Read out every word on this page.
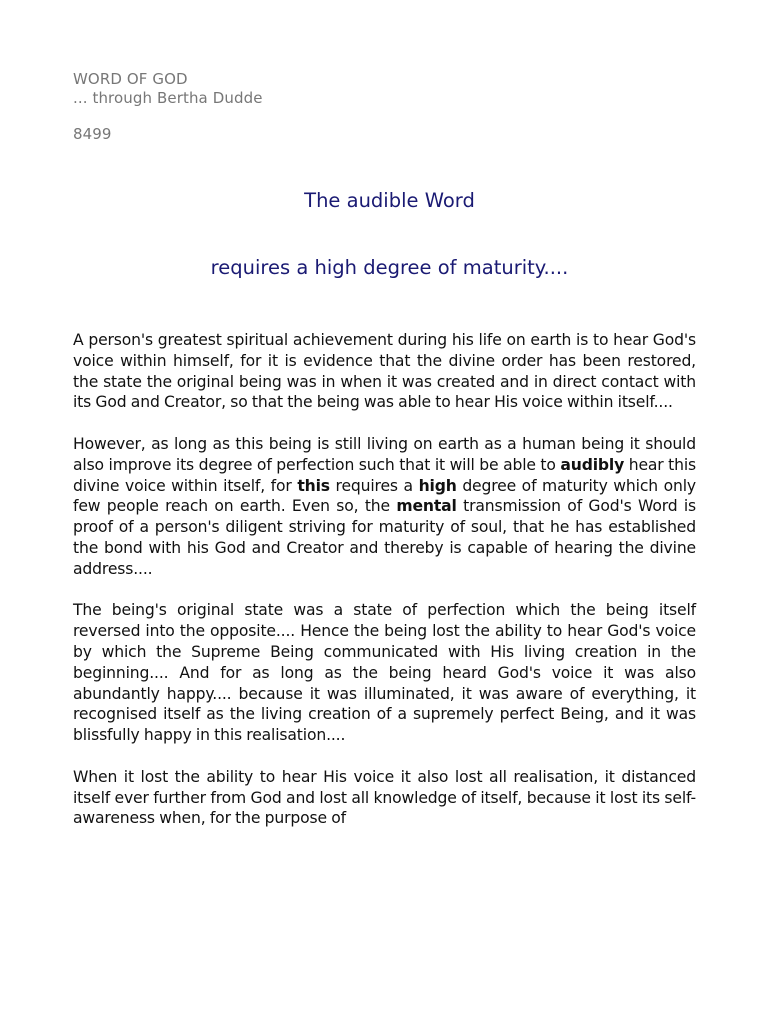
WORD OF GOD
... through Bertha Dudde
8499
The audible Word
requires a high degree of maturity....

A person's greatest spiritual achievement during his life on earth is to hear God's voice within himself, for it is evidence that the divine order has been restored, the state the original being was in when it was created and in direct contact with its God and Creator, so that the being was able to hear His voice within itself....

However, as long as this being is still living on earth as a human being it should also improve its degree of perfection such that it will be able to audibly hear this divine voice within itself, for this requires a high degree of maturity which only few people reach on earth. Even so, the mental transmission of God's Word is proof of a person's diligent striving for maturity of soul, that he has established the bond with his God and Creator and thereby is capable of hearing the divine address....

The being's original state was a state of perfection which the being itself reversed into the opposite.... Hence the being lost the ability to hear God's voice by which the Supreme Being communicated with His living creation in the beginning.... And for as long as the being heard God's voice it was also abundantly happy.... because it was illuminated, it was aware of everything, it recognised itself as the living creation of a supremely perfect Being, and it was blissfully happy in this realisation....

When it lost the ability to hear His voice it also lost all realisation, it distanced itself ever further from God and lost all knowledge of itself, because it lost its self-awareness when, for the purpose of
